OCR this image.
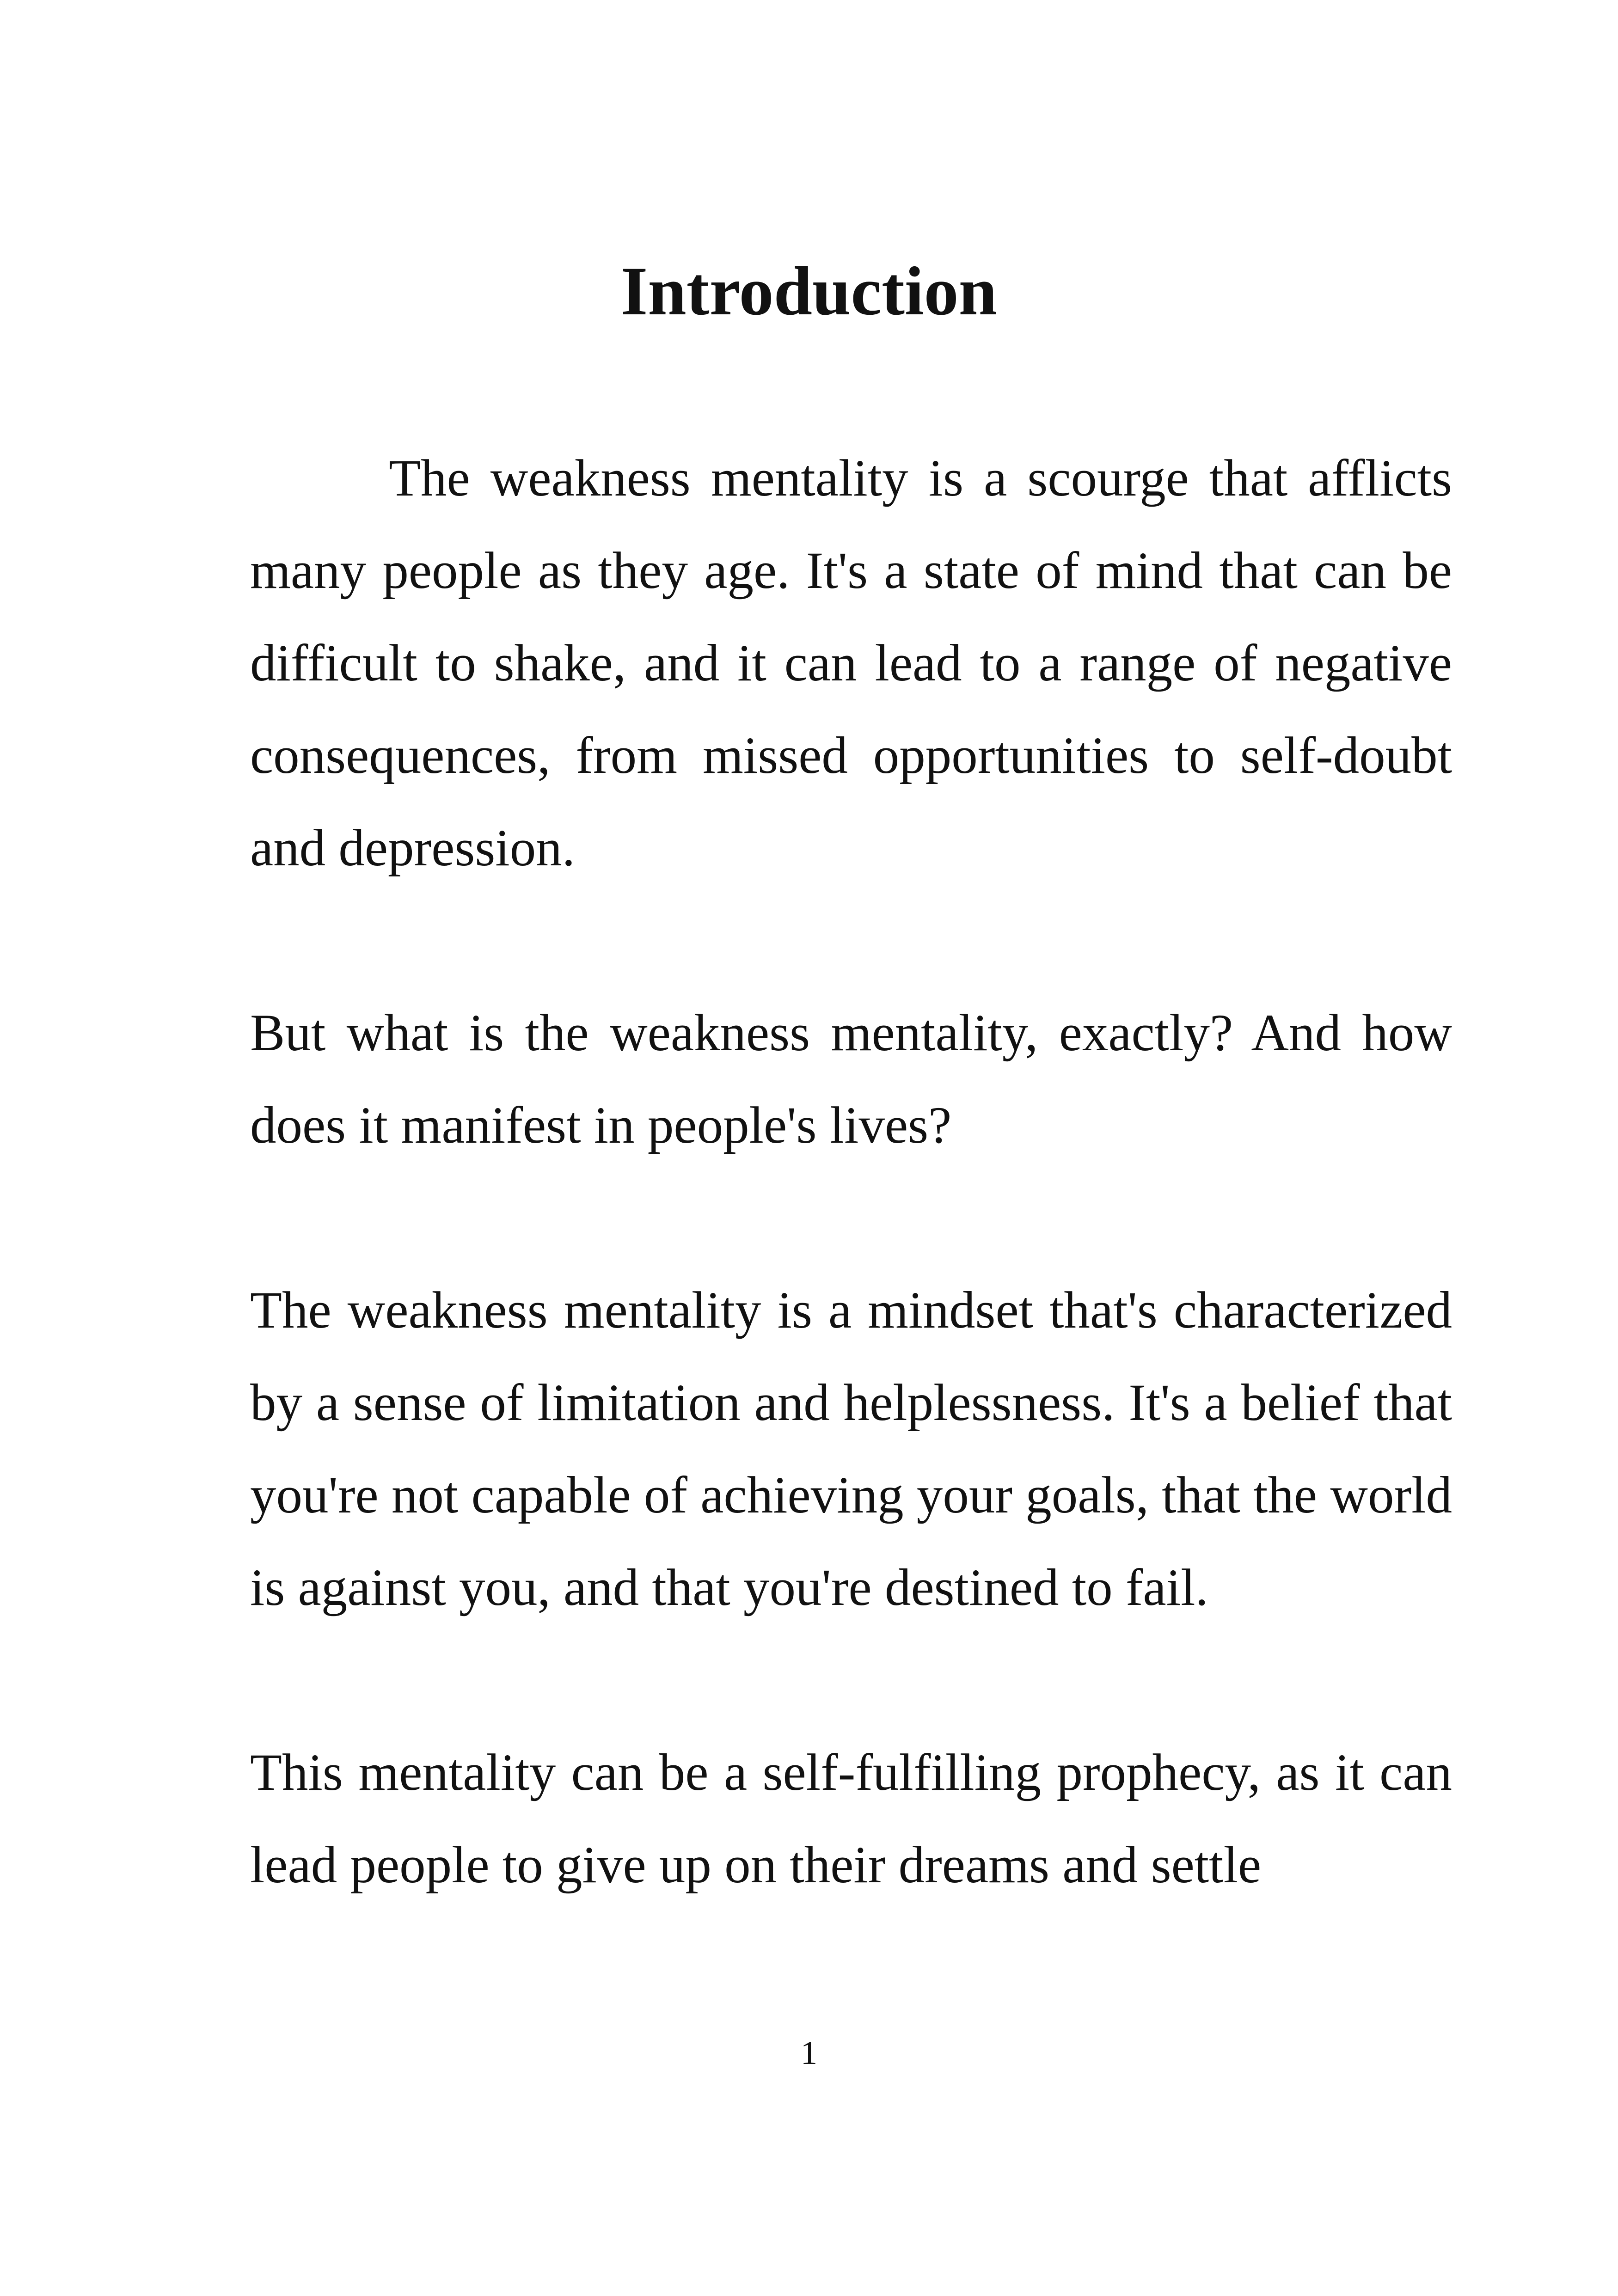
Introduction

The weakness mentality is a scourge that afflicts many people as they age. It's a state of mind that can be difficult to shake, and it can lead to a range of negative consequences, from missed opportunities to self-doubt and depression.

But what is the weakness mentality, exactly? And how does it manifest in people's lives?

The weakness mentality is a mindset that's characterized by a sense of limitation and helplessness. It's a belief that you're not capable of achieving your goals, that the world is against you, and that you're destined to fail.

This mentality can be a self-fulfilling prophecy, as it can lead people to give up on their dreams and settle

1
